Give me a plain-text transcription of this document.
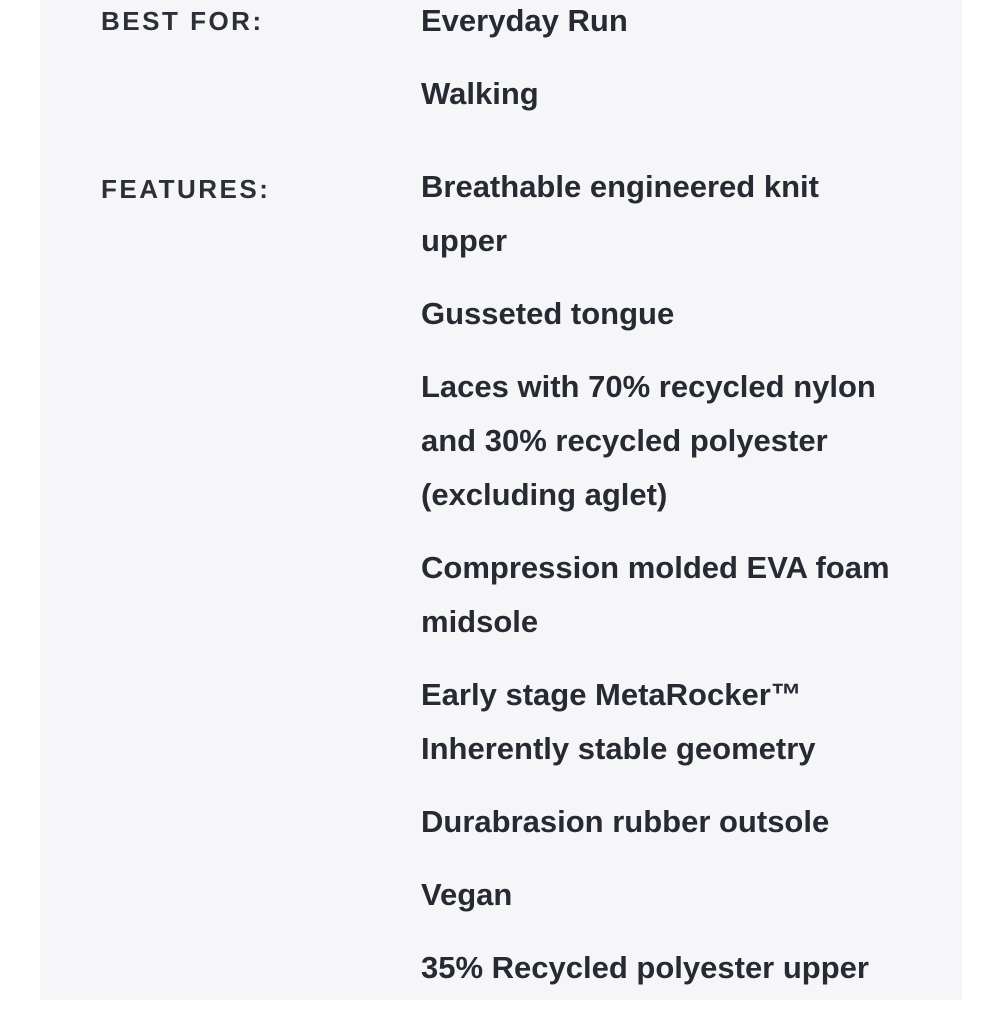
BEST FOR:	Everyday Run
Walking
FEATURES:	Breathable engineered knit upper
Gusseted tongue
Laces with 70% recycled nylon and 30% recycled polyester (excluding aglet)
Compression molded EVA foam midsole
Early stage MetaRocker™ Inherently stable geometry
Durabrasion rubber outsole
Vegan
35% Recycled polyester upper
